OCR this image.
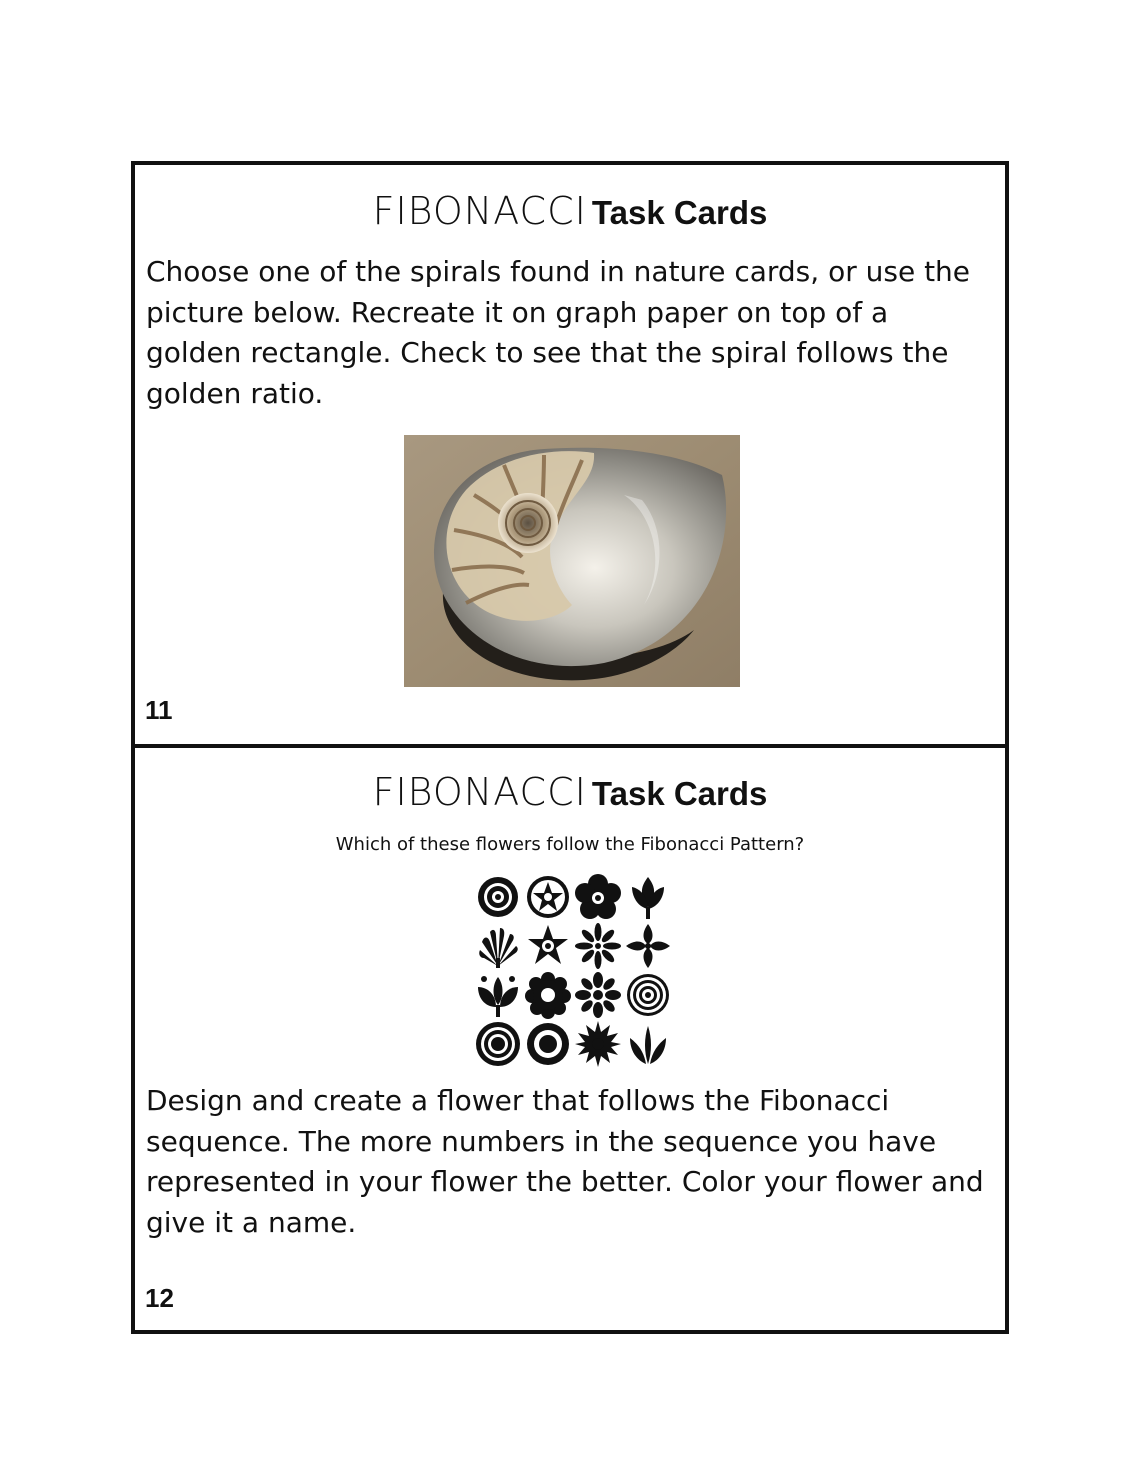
FIBONACCI Task Cards

Choose one of the spirals found in nature cards, or use the picture below. Recreate it on graph paper on top of a golden rectangle. Check to see that the spiral follows the golden ratio.

11
FIBONACCI Task Cards
Which of these flowers follow the Fibonacci Pattern?

Design and create a flower that follows the Fibonacci sequence. The more numbers in the sequence you have represented in your flower the better. Color your flower and give it a name.

12
